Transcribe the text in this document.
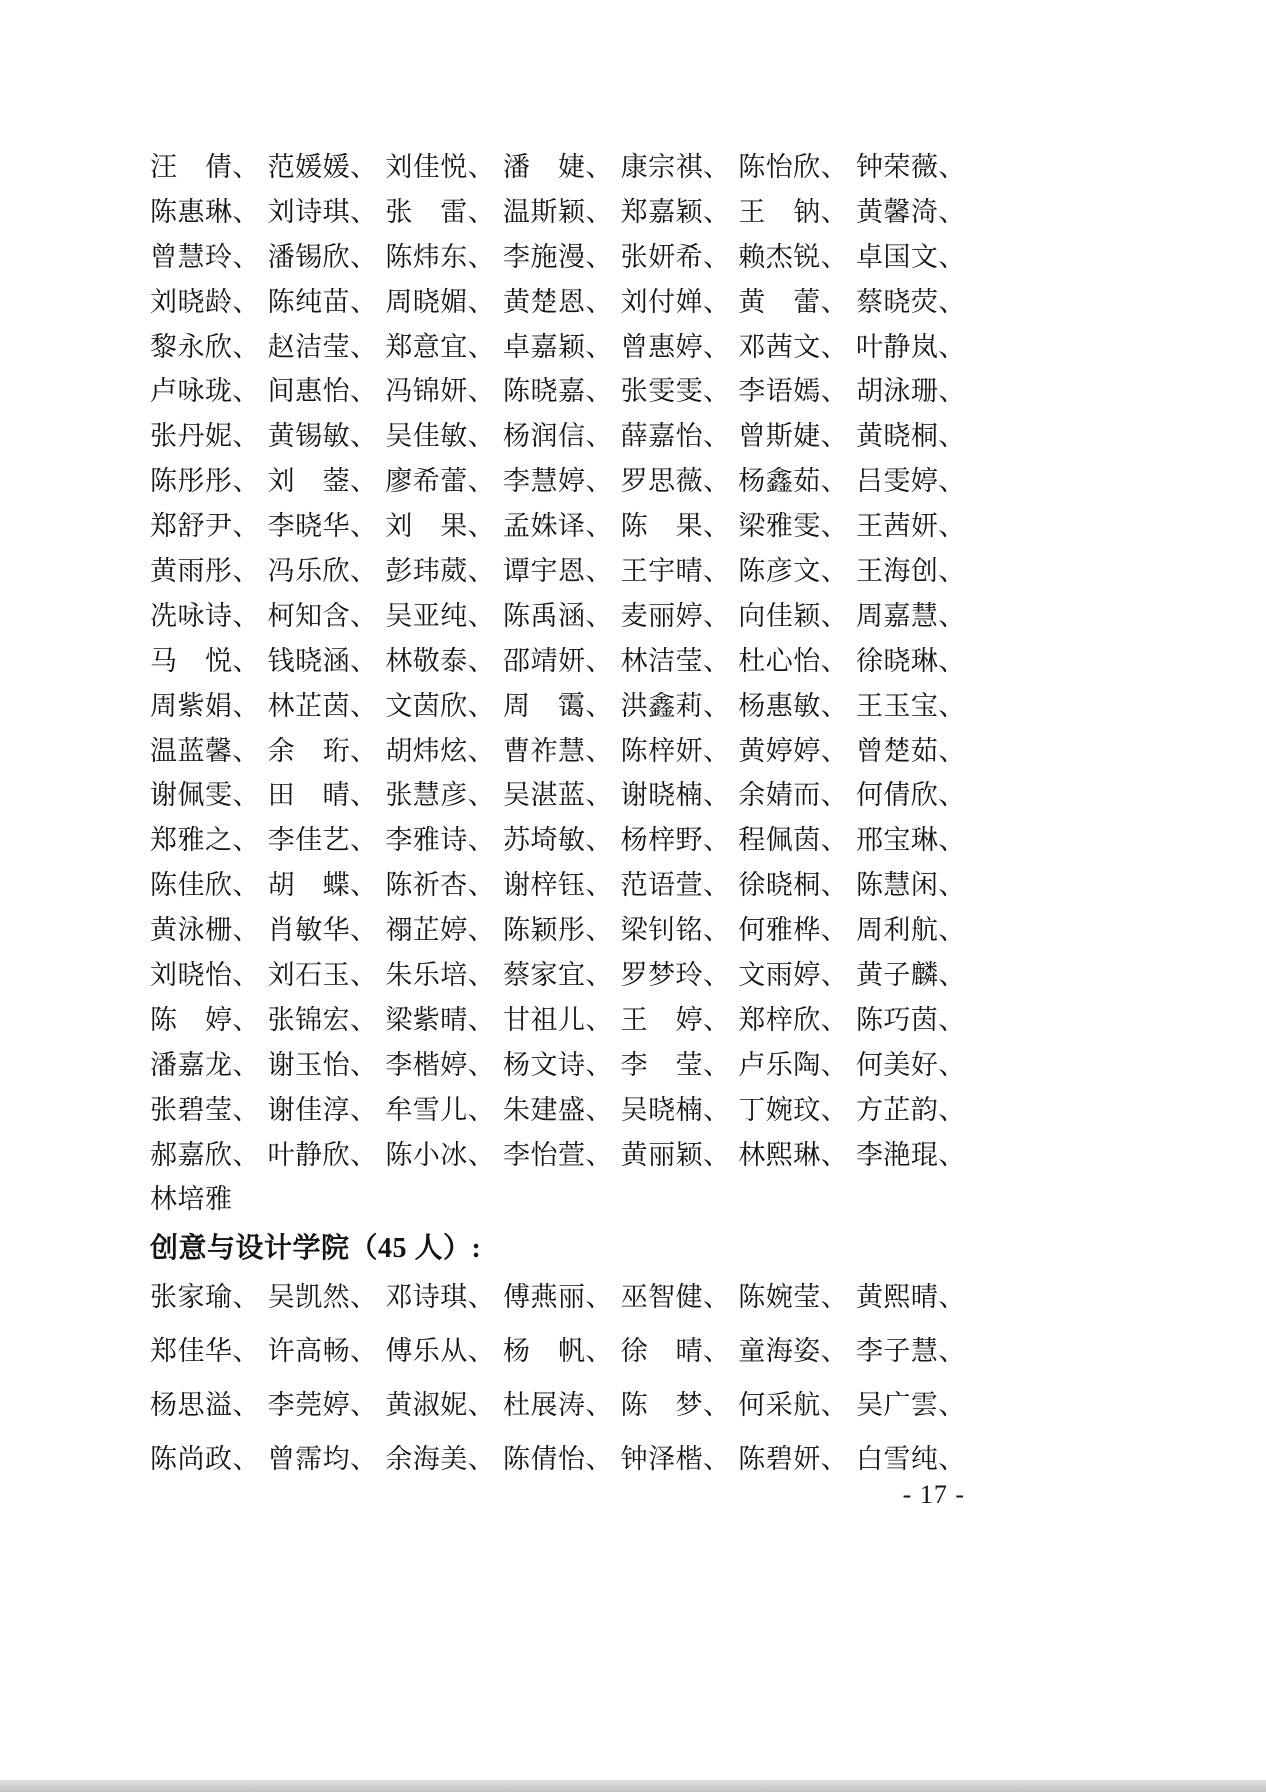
汪　倩、 范媛媛、 刘佳悦、 潘　婕、 康宗祺、 陈怡欣、 钟荣薇、
陈惠琳、 刘诗琪、 张　雷、 温斯颖、 郑嘉颖、 王　钠、 黄馨渏、
曾慧玲、 潘锡欣、 陈炜东、 李施漫、 张妍希、 赖杰锐、 卓国文、
刘晓龄、 陈纯苗、 周晓媚、 黄楚恩、 刘付婵、 黄　蕾、 蔡晓荧、
黎永欣、 赵洁莹、 郑意宜、 卓嘉颖、 曾惠婷、 邓茜文、 叶静岚、
卢咏珑、 间惠怡、 冯锦妍、 陈晓嘉、 张雯雯、 李语嫣、 胡泳珊、
张丹妮、 黄锡敏、 吴佳敏、 杨润信、 薛嘉怡、 曾斯婕、 黄晓桐、
陈彤彤、 刘　蓥、 廖希蕾、 李慧婷、 罗思薇、 杨鑫茹、 吕雯婷、
郑舒尹、 李晓华、 刘　果、 孟姝译、 陈　果、 梁雅雯、 王茜妍、
黄雨彤、 冯乐欣、 彭玮葳、 谭宇恩、 王宇晴、 陈彦文、 王海创、
冼咏诗、 柯知含、 吴亚纯、 陈禹涵、 麦丽婷、 向佳颖、 周嘉慧、
马　悦、 钱晓涵、 林敬泰、 邵靖妍、 林洁莹、 杜心怡、 徐晓琳、
周紫娟、 林芷茵、 文茵欣、 周　霭、 洪鑫莉、 杨惠敏、 王玉宝、
温蓝馨、 余　珩、 胡炜炫、 曹祚慧、 陈梓妍、 黄婷婷、 曾楚茹、
谢佩雯、 田　晴、 张慧彦、 吴湛蓝、 谢晓楠、 余婧而、 何倩欣、
郑雅之、 李佳艺、 李雅诗、 苏埼敏、 杨梓野、 程佩茵、 邢宝琳、
陈佳欣、 胡　蝶、 陈祈杏、 谢梓钰、 范语萱、 徐晓桐、 陈慧闲、
黄泳栅、 肖敏华、 禤芷婷、 陈颖彤、 梁钊铭、 何雅桦、 周利航、
刘晓怡、 刘石玉、 朱乐培、 蔡家宜、 罗梦玲、 文雨婷、 黄子麟、
陈　婷、 张锦宏、 梁紫晴、 甘祖儿、 王　婷、 郑梓欣、 陈巧茵、
潘嘉龙、 谢玉怡、 李楷婷、 杨文诗、 李　莹、 卢乐陶、 何美好、
张碧莹、 谢佳淳、 牟雪儿、 朱建盛、 吴晓楠、 丁婉玟、 方芷韵、
郝嘉欣、 叶静欣、 陈小冰、 李怡萱、 黄丽颖、 林熙琳、 李滟琨、
林培雅
创意与设计学院（45 人）:
张家瑜、 吴凯然、 邓诗琪、 傅燕丽、 巫智健、 陈婉莹、 黄熙晴、
郑佳华、 许高畅、 傅乐从、 杨　帆、 徐　晴、 童海姿、 李子慧、
杨思溢、 李莞婷、 黄淑妮、 杜展涛、 陈　梦、 何采航、 吴广雲、
陈尚政、 曾霈均、 余海美、 陈倩怡、 钟泽楷、 陈碧妍、 白雪纯、
- 17 -
